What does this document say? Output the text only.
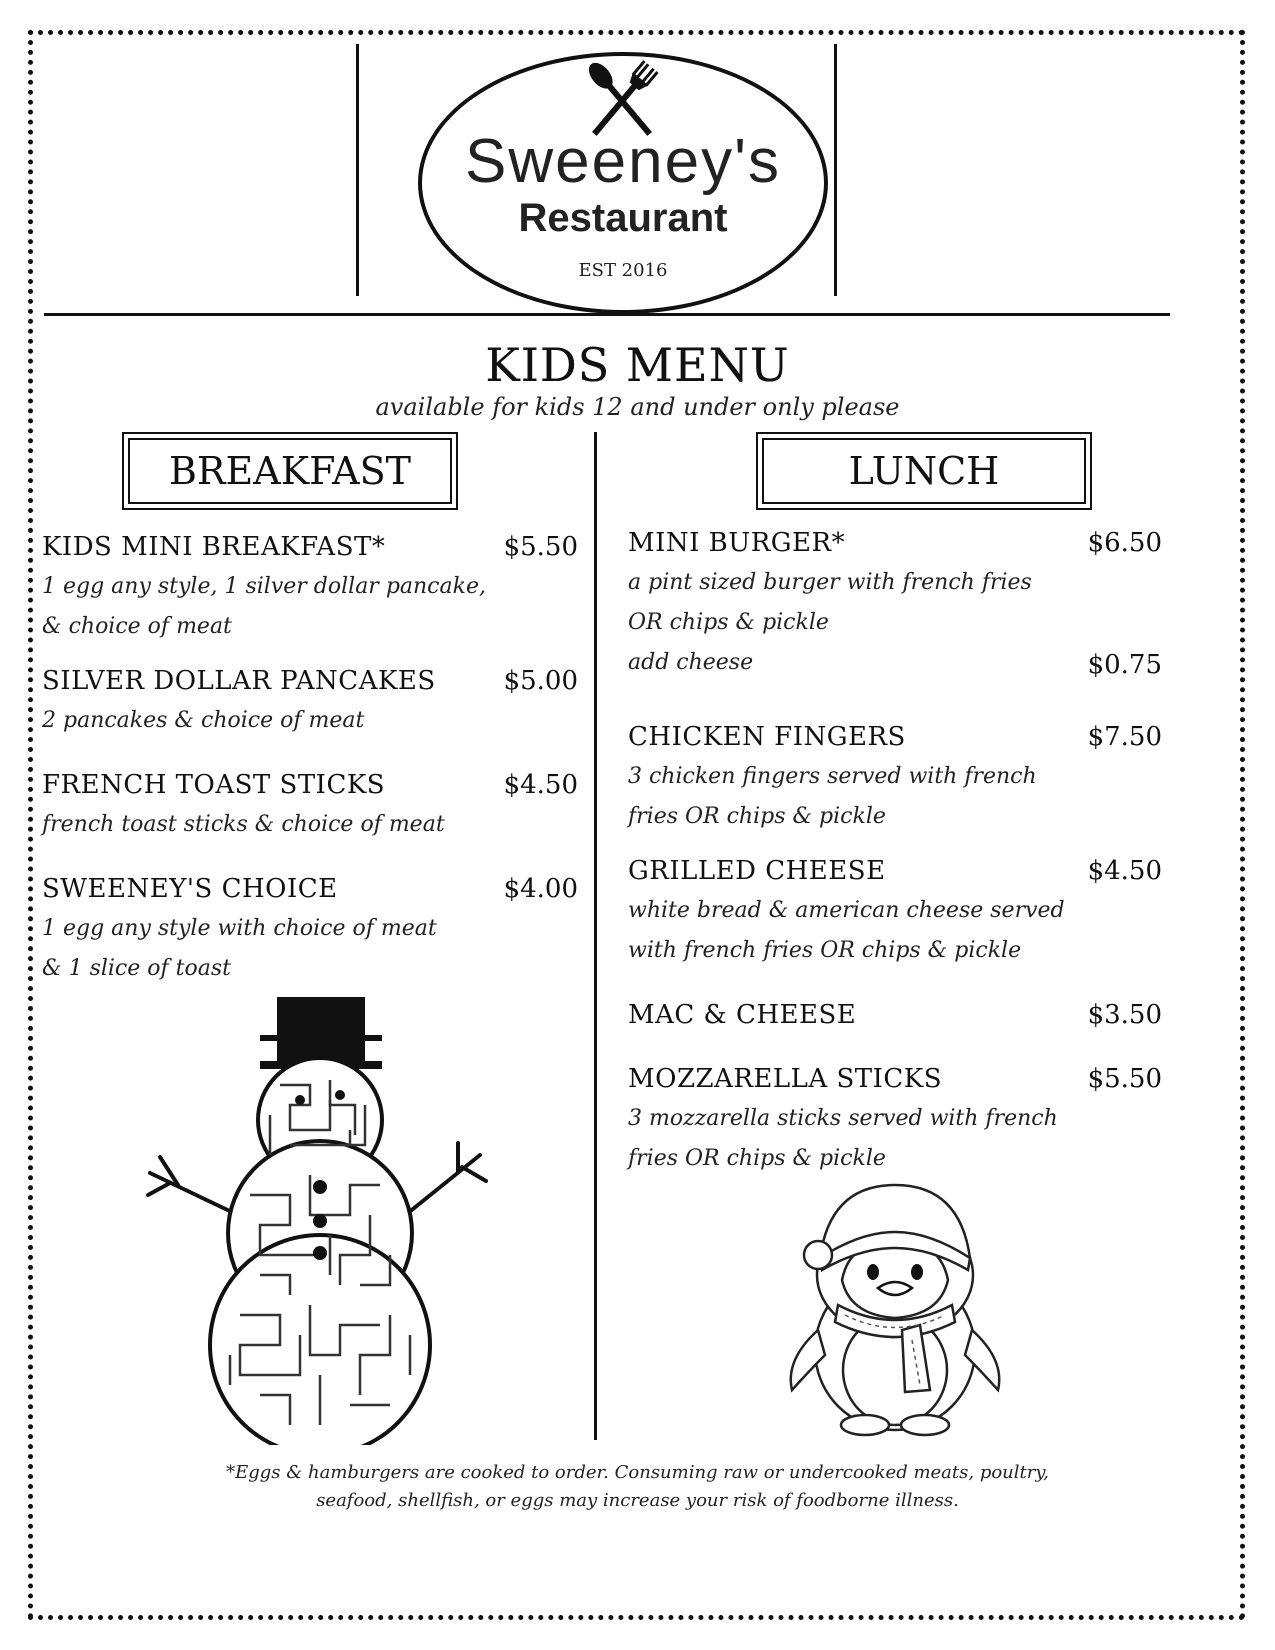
Sweeney's
Restaurant
EST 2016
KIDS MENU
available for kids 12 and under only please
BREAKFAST	LUNCH
KIDS MINI BREAKFAST*	$5.50
1 egg any style, 1 silver dollar pancake,
& choice of meat
SILVER DOLLAR PANCAKES	$5.00
2 pancakes & choice of meat
FRENCH TOAST STICKS	$4.50
french toast sticks & choice of meat
SWEENEY'S CHOICE	$4.00
1 egg any style with choice of meat
& 1 slice of toast
MINI BURGER*	$6.50
a pint sized burger with french fries
OR chips & pickle
add cheese	$0.75
CHICKEN FINGERS	$7.50
3 chicken fingers served with french
fries OR chips & pickle
GRILLED CHEESE	$4.50
white bread & american cheese served
with french fries OR chips & pickle
MAC & CHEESE	$3.50
MOZZARELLA STICKS	$5.50
3 mozzarella sticks served with french
fries OR chips & pickle
*Eggs & hamburgers are cooked to order. Consuming raw or undercooked meats, poultry,
seafood, shellfish, or eggs may increase your risk of foodborne illness.
